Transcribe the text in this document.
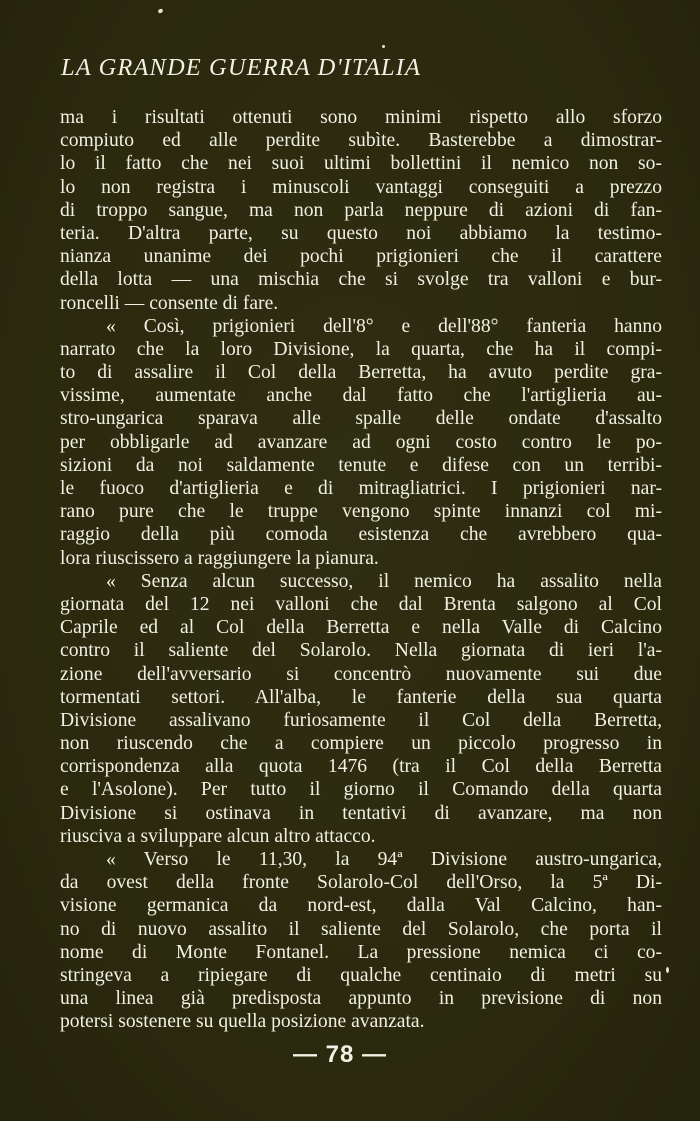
LA GRANDE GUERRA D'ITALIA
ma i risultati ottenuti sono minimi rispetto allo sforzo
compiuto ed alle perdite subìte. Basterebbe a dimostrar-
lo il fatto che nei suoi ultimi bollettini il nemico non so-
lo non registra i minuscoli vantaggi conseguiti a prezzo
di troppo sangue, ma non parla neppure di azioni di fan-
teria. D'altra parte, su questo noi abbiamo la testimo-
nianza unanime dei pochi prigionieri che il carattere
della lotta — una mischia che si svolge tra valloni e bur-
roncelli — consente di fare.
« Così, prigionieri dell'8° e dell'88° fanteria hanno
narrato che la loro Divisione, la quarta, che ha il compi-
to di assalire il Col della Berretta, ha avuto perdite gra-
vissime, aumentate anche dal fatto che l'artiglieria au-
stro-ungarica sparava alle spalle delle ondate d'assalto
per obbligarle ad avanzare ad ogni costo contro le po-
sizioni da noi saldamente tenute e difese con un terribi-
le fuoco d'artiglieria e di mitragliatrici. I prigionieri nar-
rano pure che le truppe vengono spinte innanzi col mi-
raggio della più comoda esistenza che avrebbero qua-
lora riuscissero a raggiungere la pianura.
« Senza alcun successo, il nemico ha assalito nella
giornata del 12 nei valloni che dal Brenta salgono al Col
Caprile ed al Col della Berretta e nella Valle di Calcino
contro il saliente del Solarolo. Nella giornata di ieri l'a-
zione dell'avversario si concentrò nuovamente sui due
tormentati settori. All'alba, le fanterie della sua quarta
Divisione assalivano furiosamente il Col della Berretta,
non riuscendo che a compiere un piccolo progresso in
corrispondenza alla quota 1476 (tra il Col della Berretta
e l'Asolone). Per tutto il giorno il Comando della quarta
Divisione si ostinava in tentativi di avanzare, ma non
riusciva a sviluppare alcun altro attacco.
« Verso le 11,30, la 94ª Divisione austro-ungarica,
da ovest della fronte Solarolo-Col dell'Orso, la 5ª Di-
visione germanica da nord-est, dalla Val Calcino, han-
no di nuovo assalito il saliente del Solarolo, che porta il
nome di Monte Fontanel. La pressione nemica ci co-
stringeva a ripiegare di qualche centinaio di metri su
una linea già predisposta appunto in previsione di non
potersi sostenere su quella posizione avanzata.
— 78 —
